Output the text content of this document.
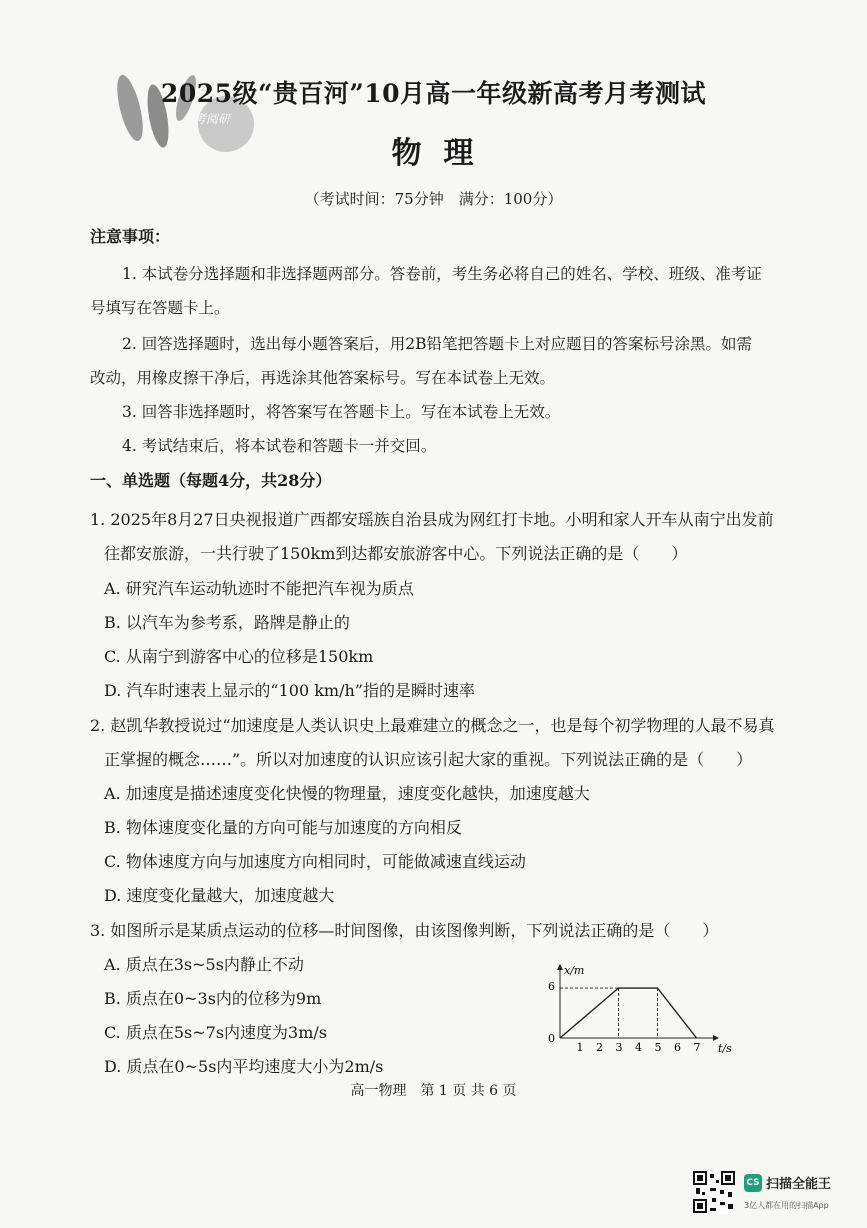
考阅研
2025级“贵百河”10月高一年级新高考月考测试
物理
（考试时间：75分钟　满分：100分）
注意事项：
1. 本试卷分选择题和非选择题两部分。答卷前，考生务必将自己的姓名、学校、班级、准考证
号填写在答题卡上。
2. 回答选择题时，选出每小题答案后，用2B铅笔把答题卡上对应题目的答案标号涂黑。如需
改动，用橡皮擦干净后，再选涂其他答案标号。写在本试卷上无效。
3. 回答非选择题时，将答案写在答题卡上。写在本试卷上无效。
4. 考试结束后，将本试卷和答题卡一并交回。
一、单选题（每题4分，共28分）
1. 2025年8月27日央视报道广西都安瑶族自治县成为网红打卡地。小明和家人开车从南宁出发前
往都安旅游，一共行驶了150km到达都安旅游客中心。下列说法正确的是（　　）
A. 研究汽车运动轨迹时不能把汽车视为质点
B. 以汽车为参考系，路牌是静止的
C. 从南宁到游客中心的位移是150km
D. 汽车时速表上显示的“100 km/h”指的是瞬时速率
2. 赵凯华教授说过“加速度是人类认识史上最难建立的概念之一，也是每个初学物理的人最不易真
正掌握的概念……”。所以对加速度的认识应该引起大家的重视。下列说法正确的是（　　）
A. 加速度是描述速度变化快慢的物理量，速度变化越快，加速度越大
B. 物体速度变化量的方向可能与加速度的方向相反
C. 物体速度方向与加速度方向相同时，可能做减速直线运动
D. 速度变化量越大，加速度越大
3. 如图所示是某质点运动的位移—时间图像，由该图像判断，下列说法正确的是（　　）
A. 质点在3s~5s内静止不动
B. 质点在0~3s内的位移为9m
C. 质点在5s~7s内速度为3m/s
D. 质点在0~5s内平均速度大小为2m/s
x/m
t/s
0
6
1 2 3 4 5 6 7
高一物理　第 1 页 共 6 页
CS 扫描全能王
3亿人都在用的扫描App
